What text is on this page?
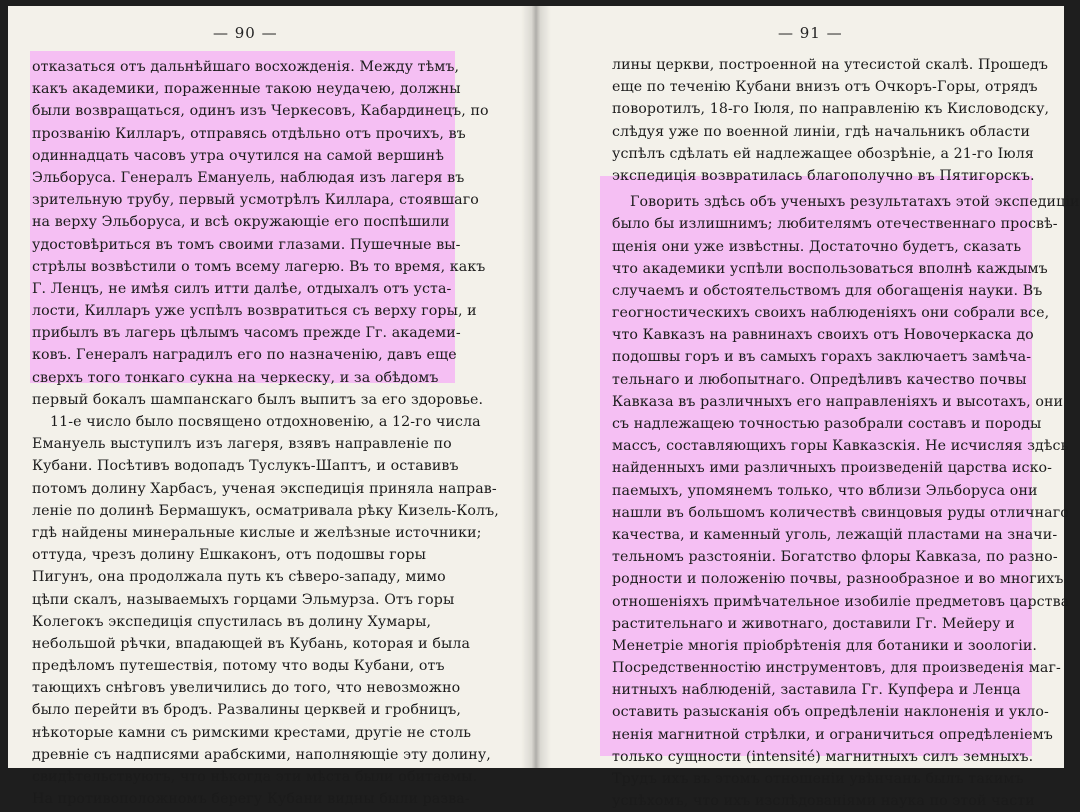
— 90 —
отказаться отъ дальнѣйшаго восхожденія. Между тѣмъ,
какъ академики, пораженные такою неудачею, должны
были возвращаться, одинъ изъ Черкесовъ, Кабардинецъ, по
прозванію Килларъ, отправясь отдѣльно отъ прочихъ, въ
одиннадцать часовъ утра очутился на самой вершинѣ
Эльборуса. Генералъ Емануель, наблюдая изъ лагеря въ
зрительную трубу, первый усмотрѣлъ Киллара, стоявшаго
на верху Эльборуса, и всѣ окружающіе его поспѣшили
удостовѣриться въ томъ своими глазами. Пушечные вы-
стрѣлы возвѣстили о томъ всему лагерю. Въ то время, какъ
Г. Ленцъ, не имѣя силъ итти далѣе, отдыхалъ отъ уста-
лости, Килларъ уже успѣлъ возвратиться съ верху горы, и
прибылъ въ лагерь цѣлымъ часомъ прежде Гг. академи-
ковъ. Генералъ наградилъ его по назначенію, давъ еще
сверхъ того тонкаго сукна на черкеску, и за обѣдомъ
первый бокалъ шампанскаго былъ выпитъ за его здоровье.
11-е число было посвящено отдохновенію, а 12-го числа
Емануель выступилъ изъ лагеря, взявъ направленіе по
Кубани. Посѣтивъ водопадъ Туслукъ-Шаптъ, и оставивъ
потомъ долину Харбасъ, ученая экспедиція приняла направ-
леніе по долинѣ Бермашукъ, осматривала рѣку Кизель-Колъ,
гдѣ найдены минеральные кислые и желѣзные источники;
оттуда, чрезъ долину Ешкаконъ, отъ подошвы горы
Пигунъ, она продолжала путь къ сѣверо-западу, мимо
цѣпи скалъ, называемыхъ горцами Эльмурза. Отъ горы
Колегокъ экспедиція спустилась въ долину Хумары,
небольшой рѣчки, впадающей въ Кубань, которая и была
предѣломъ путешествія, потому что воды Кубани, отъ
тающихъ снѣговъ увеличились до того, что невозможно
было перейти въ бродъ. Развалины церквей и гробницъ,
нѣкоторые камни съ римскими крестами, другіе не столь
древніе съ надписями арабскими, наполняющіе эту долину,
свидѣтельствуютъ, что нѣкогда эти мѣста были обитаемы.
На противоположномъ берегу Кубани видны были разва-
— 91 —
лины церкви, построенной на утесистой скалѣ. Прошедъ
еще по теченію Кубани внизъ отъ Очкоръ-Горы, отрядъ
поворотилъ, 18-го Іюля, по направленію къ Кисловодску,
слѣдуя уже по военной линіи, гдѣ начальникъ области
успѣлъ сдѣлать ей надлежащее обозрѣніе, а 21-го Іюля
экспедиція возвратилась благополучно въ Пятигорскъ.
Говорить здѣсь объ ученыхъ результатахъ этой экспедиціи
было бы излишнимъ; любителямъ отечественнаго просвѣ-
щенія они уже извѣстны. Достаточно будетъ, сказать
что академики успѣли воспользоваться вполнѣ каждымъ
случаемъ и обстоятельствомъ для обогащенія науки. Въ
геогностическихъ своихъ наблюденіяхъ они собрали все,
что Кавказъ на равнинахъ своихъ отъ Новочеркаска до
подошвы горъ и въ самыхъ горахъ заключаетъ замѣча-
тельнаго и любопытнаго. Опредѣливъ качество почвы
Кавказа въ различныхъ его направленіяхъ и высотахъ, они
съ надлежащею точностью разобрали составъ и породы
массъ, составляющихъ горы Кавказскія. Не исчисляя здѣсь
найденныхъ ими различныхъ произведеній царства иско-
паемыхъ, упомянемъ только, что вблизи Эльборуса они
нашли въ большомъ количествѣ свинцовыя руды отличнаго
качества, и каменный уголь, лежащій пластами на значи-
тельномъ разстояніи. Богатство флоры Кавказа, по разно-
родности и положенію почвы, разнообразное и во многихъ
отношеніяхъ примѣчательное изобиліе предметовъ царства
растительнаго и животнаго, доставили Гг. Мейеру и
Менетріе многія пріобрѣтенія для ботаники и зоологіи.
Посредственностію инструментовъ, для произведенія маг-
нитныхъ наблюденій, заставила Гг. Купфера и Ленца
оставить разысканія объ опредѣленіи наклоненія и укло-
ненія магнитной стрѣлки, и ограничиться опредѣленіемъ
только сущности (intensité) магнитныхъ силъ земныхъ.
Трудъ ихъ въ этомъ отношеніи увѣнчанъ былъ такимъ
успѣхомъ, что ихъ изслѣдованіями наука по этой части
